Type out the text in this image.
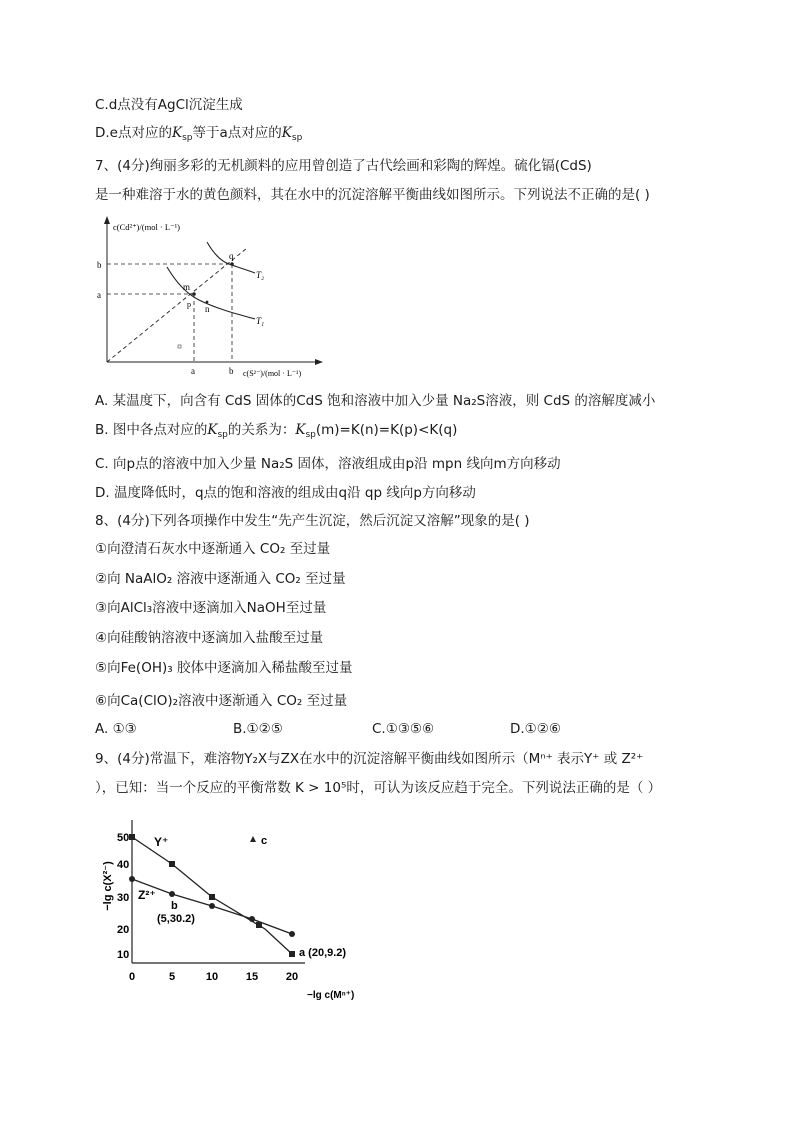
C.d点没有AgCl沉淀生成
D.e点对应的$K_{sp}$等于a点对应的$K_{sp}$
7、(4分)绚丽多彩的无机颜料的应用曾创造了古代绘画和彩陶的辉煌。硫化镉(CdS)
是一种难溶于水的黄色颜料，其在水中的沉淀溶解平衡曲线如图所示。下列说法不正确的是( )
c(Cd²⁺)/(mol · L⁻¹)
c(S²⁻)/(mol · L⁻¹)
b
a
a	b
q
m
p n
T₂
T₁
A. 某温度下，向含有 CdS 固体的CdS 饱和溶液中加入少量 Na₂S溶液，则 CdS 的溶解度减小
B. 图中各点对应的$K_{sp}$的关系为：$K_{sp}(m)=K(n)=K(p)<K(q)$
C. 向p点的溶液中加入少量 Na₂S 固体，溶液组成由p沿 mpn 线向m方向移动
D. 温度降低时，q点的饱和溶液的组成由q沿 qp 线向p方向移动
8、(4分)下列各项操作中发生“先产生沉淀，然后沉淀又溶解”现象的是( )
①向澄清石灰水中逐渐通入 CO₂ 至过量
②向 NaAlO₂ 溶液中逐渐通入 CO₂ 至过量
③向AlCl₃溶液中逐滴加入NaOH至过量
④向硅酸钠溶液中逐滴加入盐酸至过量
⑤向Fe(OH)₃ 胶体中逐滴加入稀盐酸至过量
⑥向Ca(ClO)₂溶液中逐渐通入 CO₂ 至过量
A. ①③	B.①②⑤	C.①③⑤⑥	D.①②⑥
9、(4分)常温下，难溶物Y₂X与ZX在水中的沉淀溶解平衡曲线如图所示（Mⁿ⁺ 表示Y⁺ 或 Z²⁺
），已知：当一个反应的平衡常数 K > 10⁵时，可认为该反应趋于完全。下列说法正确的是（ ）
−lg c(X²⁻)
−lg c(Mⁿ⁺)
50
40
30
20
10
0	5	10	15	20
c
Y⁺
Z²⁺
b
(5,30.2)
a (20,9.2)
